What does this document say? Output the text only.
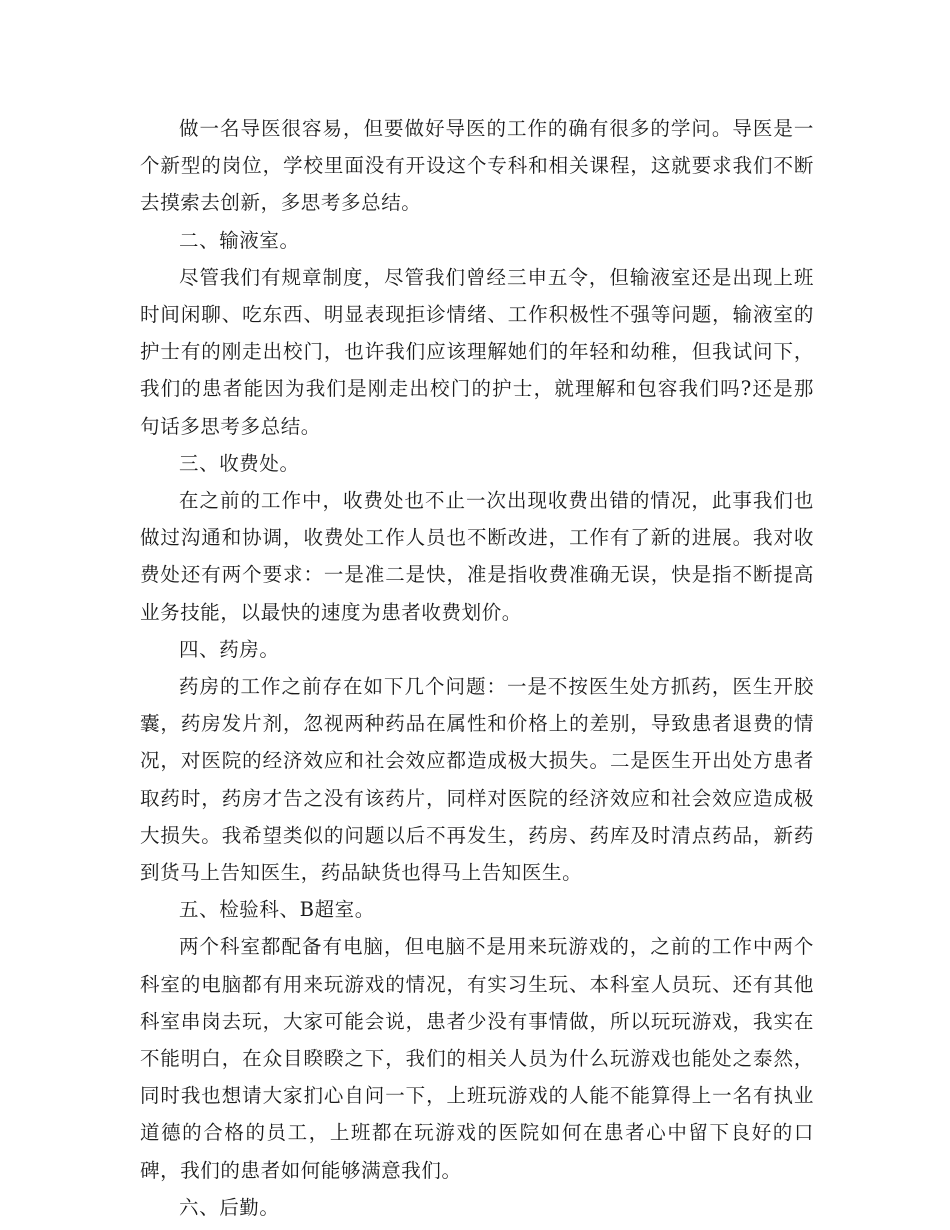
做一名导医很容易，但要做好导医的工作的确有很多的学问。导医是一个新型的岗位，学校里面没有开设这个专科和相关课程，这就要求我们不断去摸索去创新，多思考多总结。

二、输液室。

尽管我们有规章制度，尽管我们曾经三申五令，但输液室还是出现上班时间闲聊、吃东西、明显表现拒诊情绪、工作积极性不强等问题，输液室的护士有的刚走出校门，也许我们应该理解她们的年轻和幼稚，但我试问下，我们的患者能因为我们是刚走出校门的护士，就理解和包容我们吗?还是那句话多思考多总结。

三、收费处。

在之前的工作中，收费处也不止一次出现收费出错的情况，此事我们也做过沟通和协调，收费处工作人员也不断改进，工作有了新的进展。我对收费处还有两个要求：一是准二是快，准是指收费准确无误，快是指不断提高业务技能，以最快的速度为患者收费划价。

四、药房。

药房的工作之前存在如下几个问题：一是不按医生处方抓药，医生开胶囊，药房发片剂，忽视两种药品在属性和价格上的差别，导致患者退费的情况，对医院的经济效应和社会效应都造成极大损失。二是医生开出处方患者取药时，药房才告之没有该药片，同样对医院的经济效应和社会效应造成极大损失。我希望类似的问题以后不再发生，药房、药库及时清点药品，新药到货马上告知医生，药品缺货也得马上告知医生。

五、检验科、B超室。

两个科室都配备有电脑，但电脑不是用来玩游戏的，之前的工作中两个科室的电脑都有用来玩游戏的情况，有实习生玩、本科室人员玩、还有其他科室串岗去玩，大家可能会说，患者少没有事情做，所以玩玩游戏，我实在不能明白，在众目睽睽之下，我们的相关人员为什么玩游戏也能处之泰然，同时我也想请大家扪心自问一下，上班玩游戏的人能不能算得上一名有执业道德的合格的员工，上班都在玩游戏的医院如何在患者心中留下良好的口碑，我们的患者如何能够满意我们。

六、后勤。
